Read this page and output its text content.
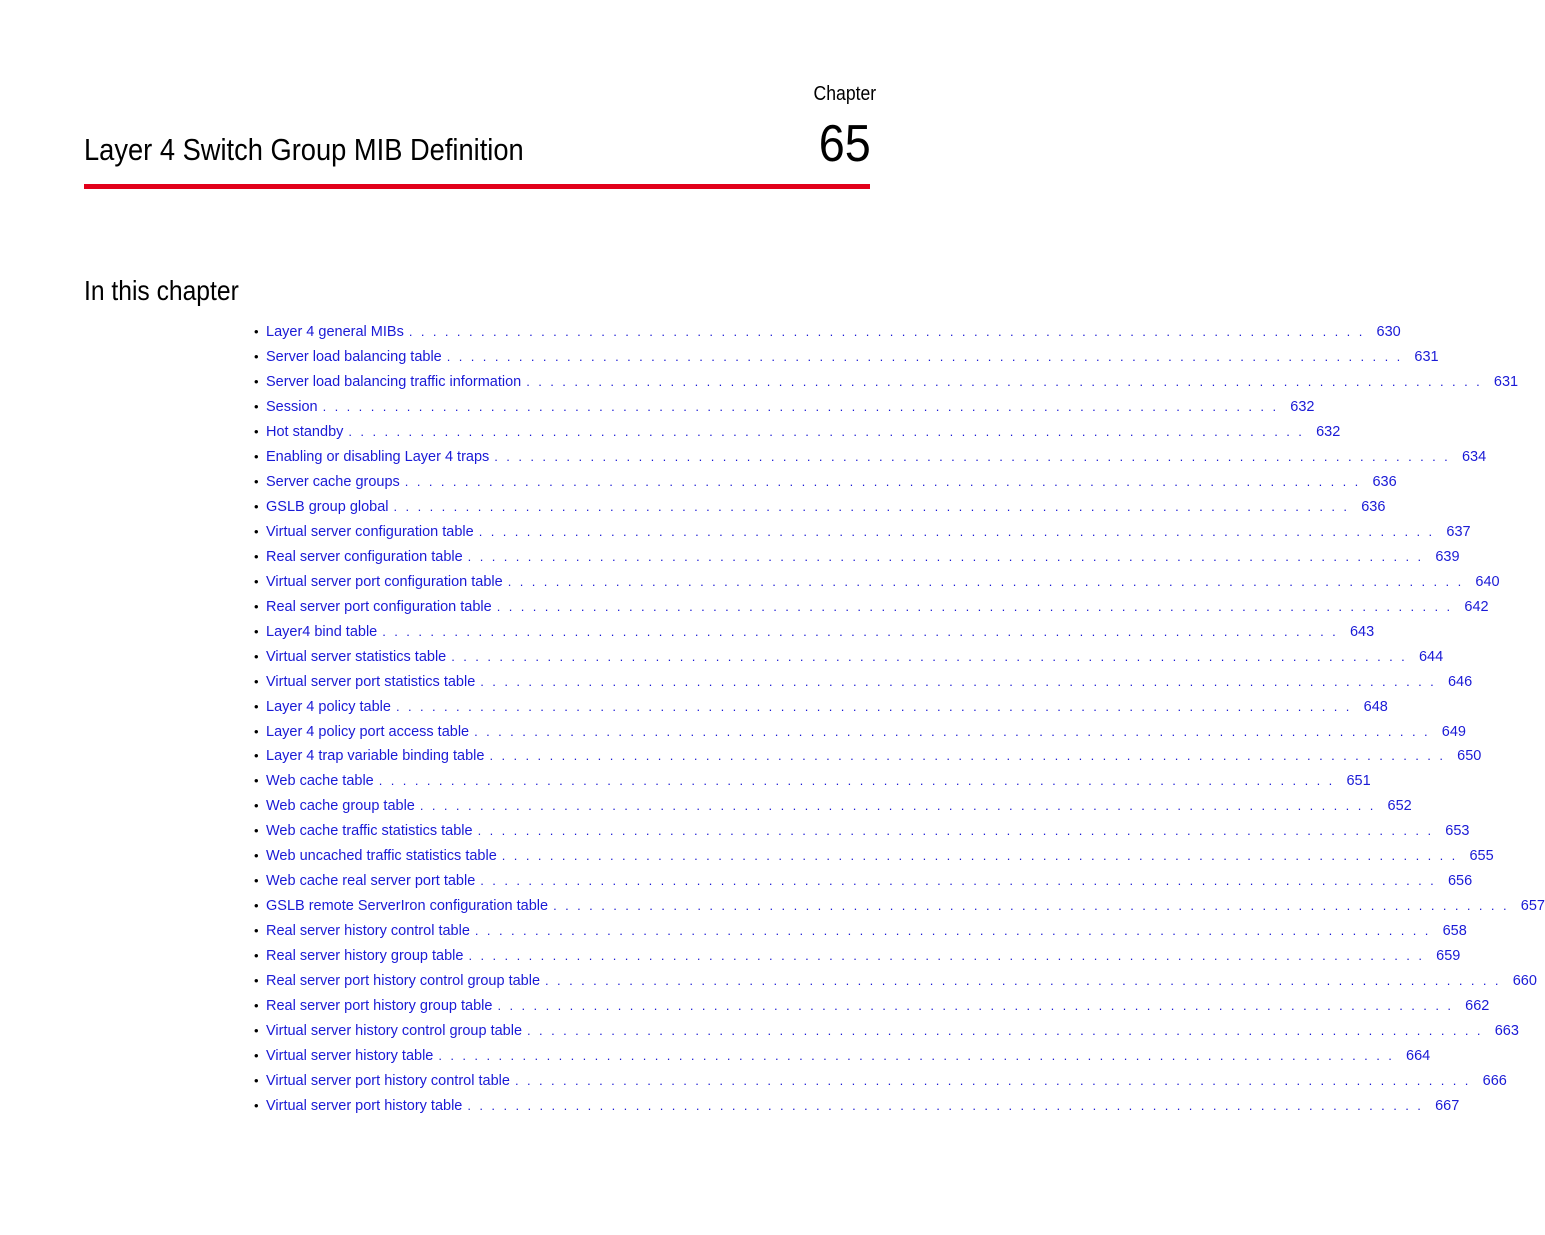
Chapter
65
Layer 4 Switch Group MIB Definition
In this chapter
• Layer 4 general MIBs . . . . . . . . . . . . . . . . . . . . . . . . . . . . . . . . . . . . . . . . . . . . . . . . . . . . . . . . . . . . . . . . . . . . . . . . . . . . . . . . 630
• Server load balancing table . . . . . . . . . . . . . . . . . . . . . . . . . . . . . . . . . . . . . . . . . . . . . . . . . . . . . . . . . . . . . . . . . . . . . . . . . . . . . . . . 631
• Server load balancing traffic information . . . . . . . . . . . . . . . . . . . . . . . . . . . . . . . . . . . . . . . . . . . . . . . . . . . . . . . . . . . . . . . . . . . . . . . . . . . . . . . . 631
• Session . . . . . . . . . . . . . . . . . . . . . . . . . . . . . . . . . . . . . . . . . . . . . . . . . . . . . . . . . . . . . . . . . . . . . . . . . . . . . . . . 632
• Hot standby . . . . . . . . . . . . . . . . . . . . . . . . . . . . . . . . . . . . . . . . . . . . . . . . . . . . . . . . . . . . . . . . . . . . . . . . . . . . . . . . 632
• Enabling or disabling Layer 4 traps . . . . . . . . . . . . . . . . . . . . . . . . . . . . . . . . . . . . . . . . . . . . . . . . . . . . . . . . . . . . . . . . . . . . . . . . . . . . . . . . 634
• Server cache groups . . . . . . . . . . . . . . . . . . . . . . . . . . . . . . . . . . . . . . . . . . . . . . . . . . . . . . . . . . . . . . . . . . . . . . . . . . . . . . . . 636
• GSLB group global . . . . . . . . . . . . . . . . . . . . . . . . . . . . . . . . . . . . . . . . . . . . . . . . . . . . . . . . . . . . . . . . . . . . . . . . . . . . . . . . 636
• Virtual server configuration table . . . . . . . . . . . . . . . . . . . . . . . . . . . . . . . . . . . . . . . . . . . . . . . . . . . . . . . . . . . . . . . . . . . . . . . . . . . . . . . . 637
• Real server configuration table . . . . . . . . . . . . . . . . . . . . . . . . . . . . . . . . . . . . . . . . . . . . . . . . . . . . . . . . . . . . . . . . . . . . . . . . . . . . . . . . 639
• Virtual server port configuration table . . . . . . . . . . . . . . . . . . . . . . . . . . . . . . . . . . . . . . . . . . . . . . . . . . . . . . . . . . . . . . . . . . . . . . . . . . . . . . . . 640
• Real server port configuration table . . . . . . . . . . . . . . . . . . . . . . . . . . . . . . . . . . . . . . . . . . . . . . . . . . . . . . . . . . . . . . . . . . . . . . . . . . . . . . . . 642
• Layer4 bind table . . . . . . . . . . . . . . . . . . . . . . . . . . . . . . . . . . . . . . . . . . . . . . . . . . . . . . . . . . . . . . . . . . . . . . . . . . . . . . . . 643
• Virtual server statistics table . . . . . . . . . . . . . . . . . . . . . . . . . . . . . . . . . . . . . . . . . . . . . . . . . . . . . . . . . . . . . . . . . . . . . . . . . . . . . . . . 644
• Virtual server port statistics table . . . . . . . . . . . . . . . . . . . . . . . . . . . . . . . . . . . . . . . . . . . . . . . . . . . . . . . . . . . . . . . . . . . . . . . . . . . . . . . . 646
• Layer 4 policy table . . . . . . . . . . . . . . . . . . . . . . . . . . . . . . . . . . . . . . . . . . . . . . . . . . . . . . . . . . . . . . . . . . . . . . . . . . . . . . . . 648
• Layer 4 policy port access table . . . . . . . . . . . . . . . . . . . . . . . . . . . . . . . . . . . . . . . . . . . . . . . . . . . . . . . . . . . . . . . . . . . . . . . . . . . . . . . . 649
• Layer 4 trap variable binding table . . . . . . . . . . . . . . . . . . . . . . . . . . . . . . . . . . . . . . . . . . . . . . . . . . . . . . . . . . . . . . . . . . . . . . . . . . . . . . . . 650
• Web cache table . . . . . . . . . . . . . . . . . . . . . . . . . . . . . . . . . . . . . . . . . . . . . . . . . . . . . . . . . . . . . . . . . . . . . . . . . . . . . . . . 651
• Web cache group table . . . . . . . . . . . . . . . . . . . . . . . . . . . . . . . . . . . . . . . . . . . . . . . . . . . . . . . . . . . . . . . . . . . . . . . . . . . . . . . . 652
• Web cache traffic statistics table . . . . . . . . . . . . . . . . . . . . . . . . . . . . . . . . . . . . . . . . . . . . . . . . . . . . . . . . . . . . . . . . . . . . . . . . . . . . . . . . 653
• Web uncached traffic statistics table . . . . . . . . . . . . . . . . . . . . . . . . . . . . . . . . . . . . . . . . . . . . . . . . . . . . . . . . . . . . . . . . . . . . . . . . . . . . . . . . 655
• Web cache real server port table . . . . . . . . . . . . . . . . . . . . . . . . . . . . . . . . . . . . . . . . . . . . . . . . . . . . . . . . . . . . . . . . . . . . . . . . . . . . . . . . 656
• GSLB remote ServerIron configuration table . . . . . . . . . . . . . . . . . . . . . . . . . . . . . . . . . . . . . . . . . . . . . . . . . . . . . . . . . . . . . . . . . . . . . . . . . . . . . . . . 657
• Real server history control table . . . . . . . . . . . . . . . . . . . . . . . . . . . . . . . . . . . . . . . . . . . . . . . . . . . . . . . . . . . . . . . . . . . . . . . . . . . . . . . . 658
• Real server history group table . . . . . . . . . . . . . . . . . . . . . . . . . . . . . . . . . . . . . . . . . . . . . . . . . . . . . . . . . . . . . . . . . . . . . . . . . . . . . . . . 659
• Real server port history control group table . . . . . . . . . . . . . . . . . . . . . . . . . . . . . . . . . . . . . . . . . . . . . . . . . . . . . . . . . . . . . . . . . . . . . . . . . . . . . . . . 660
• Real server port history group table . . . . . . . . . . . . . . . . . . . . . . . . . . . . . . . . . . . . . . . . . . . . . . . . . . . . . . . . . . . . . . . . . . . . . . . . . . . . . . . . 662
• Virtual server history control group table . . . . . . . . . . . . . . . . . . . . . . . . . . . . . . . . . . . . . . . . . . . . . . . . . . . . . . . . . . . . . . . . . . . . . . . . . . . . . . . . 663
• Virtual server history table . . . . . . . . . . . . . . . . . . . . . . . . . . . . . . . . . . . . . . . . . . . . . . . . . . . . . . . . . . . . . . . . . . . . . . . . . . . . . . . . 664
• Virtual server port history control table . . . . . . . . . . . . . . . . . . . . . . . . . . . . . . . . . . . . . . . . . . . . . . . . . . . . . . . . . . . . . . . . . . . . . . . . . . . . . . . . 666
• Virtual server port history table . . . . . . . . . . . . . . . . . . . . . . . . . . . . . . . . . . . . . . . . . . . . . . . . . . . . . . . . . . . . . . . . . . . . . . . . . . . . . . . . 667
